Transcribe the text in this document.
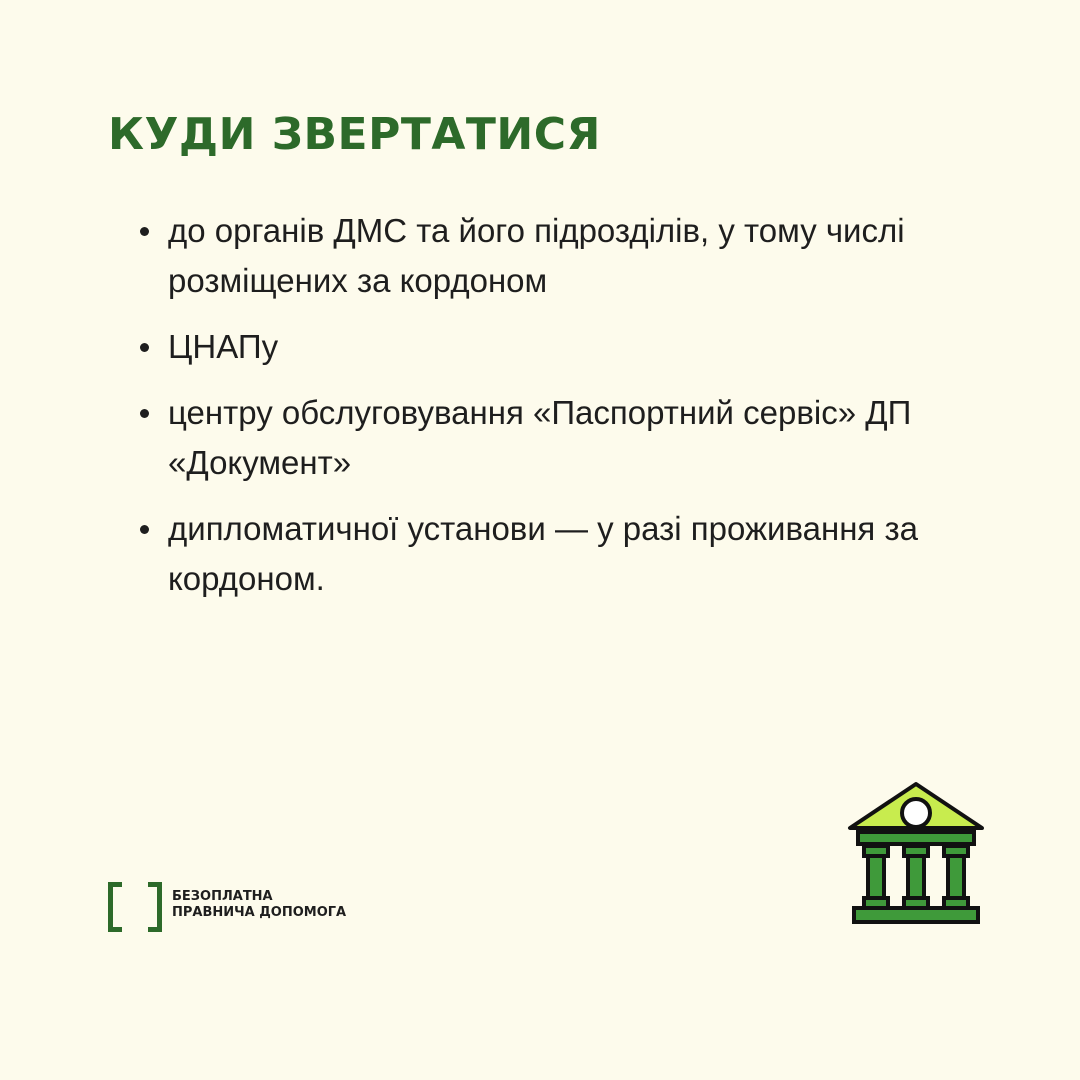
КУДИ ЗВЕРТАТИСЯ
до органів ДМС та його підрозділів, у тому числі розміщених за кордоном
ЦНАПу
центру обслуговування «Паспортний сервіс» ДП «Документ»
дипломатичної установи — у разі проживання за кордоном.
БЕЗОПЛАТНА
ПРАВНИЧА ДОПОМОГА
